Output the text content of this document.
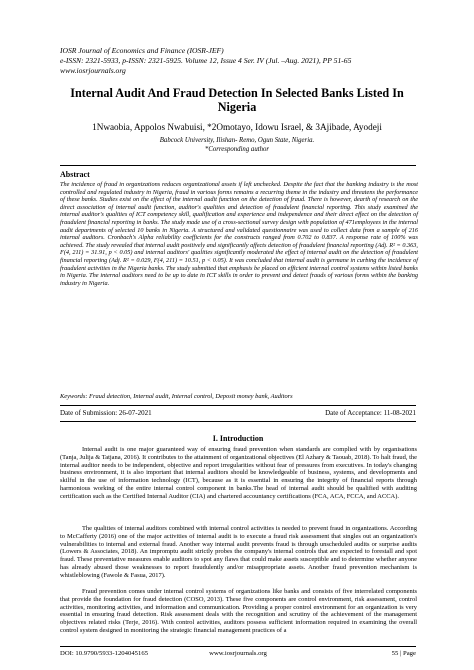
IOSR Journal of Economics and Finance (IOSR-JEF)
e-ISSN: 2321-5933, p-ISSN: 2321-5925. Volume 12, Issue 4 Ser. IV (Jul. –Aug. 2021), PP 51-65
www.iosrjournals.org
Internal Audit And Fraud Detection In Selected Banks Listed In
Nigeria
1Nwaobia, Appolos Nwabuisi, *2Omotayo, Idowu Israel, & 3Ajibade, Ayodeji
Babcock University, Ilishan- Remo, Ogun State, Nigeria.
*Corresponding author
Abstract

The incidence of fraud in organizations reduces organizational assets if left unchecked. Despite the fact that the banking industry is the most controlled and regulated industry in Nigeria, fraud in various forms remains a recurring theme in the industry and threatens the performance of these banks. Studies exist on the effect of the internal audit function on the detection of fraud. There is however, dearth of research on the direct association of internal audit function, auditor's qualities and detection of fraudulent financial reporting. This study examined the internal auditor's qualities of ICT competency skill, qualification and experience and independence and their direct effect on the detection of fraudulent financial reporting in banks. The study made use of a cross-sectional survey design with population of 471employees in the internal audit departments of selected 10 banks in Nigeria. A structured and validated questionnaire was used to collect data from a sample of 216 internal auditors. Cronbach's Alpha reliability coefficients for the constructs ranged from 0.702 to 0.837. A response rate of 100% was achieved. The study revealed that internal audit positively and significantly affects detection of fraudulent financial reporting (Adj. R² = 0.363, F(4, 211) = 31.91, p < 0.05) and internal auditors' qualities significantly moderated the effect of internal audit on the detection of fraudulent financial reporting (Adj. R² = 0.029, F(4, 211) = 10.51, p < 0.05). It was concluded that internal audit is germane in curbing the incidence of fraudulent activities in the Nigeria banks. The study submitted that emphasis be placed on efficient internal control systems within listed banks in Nigeria. The internal auditors need to be up to date in ICT skills in order to prevent and detect frauds of various forms within the banking industry in Nigeria.

Keywords: Fraud detection, Internal audit, Internal control, Deposit money bank, Auditors
Date of Submission: 26-07-2021	Date of Acceptance: 11-08-2021
I. Introduction

Internal audit is one major guaranteed way of ensuring fraud prevention when standards are complied with by organisations (Tanja, Julija & Tatjana, 2016). It contributes to the attainment of organizational objectives (El Azhary & Taouab, 2018). To halt fraud, the internal auditor needs to be independent, objective and report irregularities without fear of pressures from executives. In today's changing business environment, it is also important that internal auditors should be knowledgeable of business, systems, and developments and skilful in the use of information technology (ICT), because as it is essential in ensuring the integrity of financial reports through harmonious working of the entire internal control component in banks.The head of internal audit should be qualified with auditing certification such as the Certified Internal Auditor (CIA) and chartered accountancy certifications (FCA, ACA, FCCA, and ACCA).

The qualities of internal auditors combined with internal control activities is needed to prevent fraud in organizations. According to McCafferty (2016) one of the major activities of internal audit is to execute a fraud risk assessment that singles out an organization's vulnerabilities to internal and external fraud. Another way internal audit prevents fraud is through unscheduled audits or surprise audits (Lowers & Associates, 2018). An impromptu audit strictly probes the company's internal controls that are expected to forestall and spot fraud. These preventative measures enable auditors to spot any flaws that could make assets susceptible and to determine whether anyone has already abused those weaknesses to report fraudulently and/or misappropriate assets. Another fraud prevention mechanism is whistleblowing (Fawole & Fasua, 2017).

Fraud prevention comes under internal control systems of organizations like banks and consists of five interrelated components that provide the foundation for fraud detection (COSO, 2013). These five components are control environment, risk assessment, control activities, monitoring activities, and information and communication. Providing a proper control environment for an organization is very essential in ensuring fraud detection. Risk assessment deals with the recognition and scrutiny of the achievement of the management objectives related risks (Terje, 2016). With control activities, auditors possess sufficient information required in examining the overall control system designed in monitoring the strategic financial management practices of a

DOI: 10.9790/5933-1204045165	www.iosrjournals.org	55 | Page
